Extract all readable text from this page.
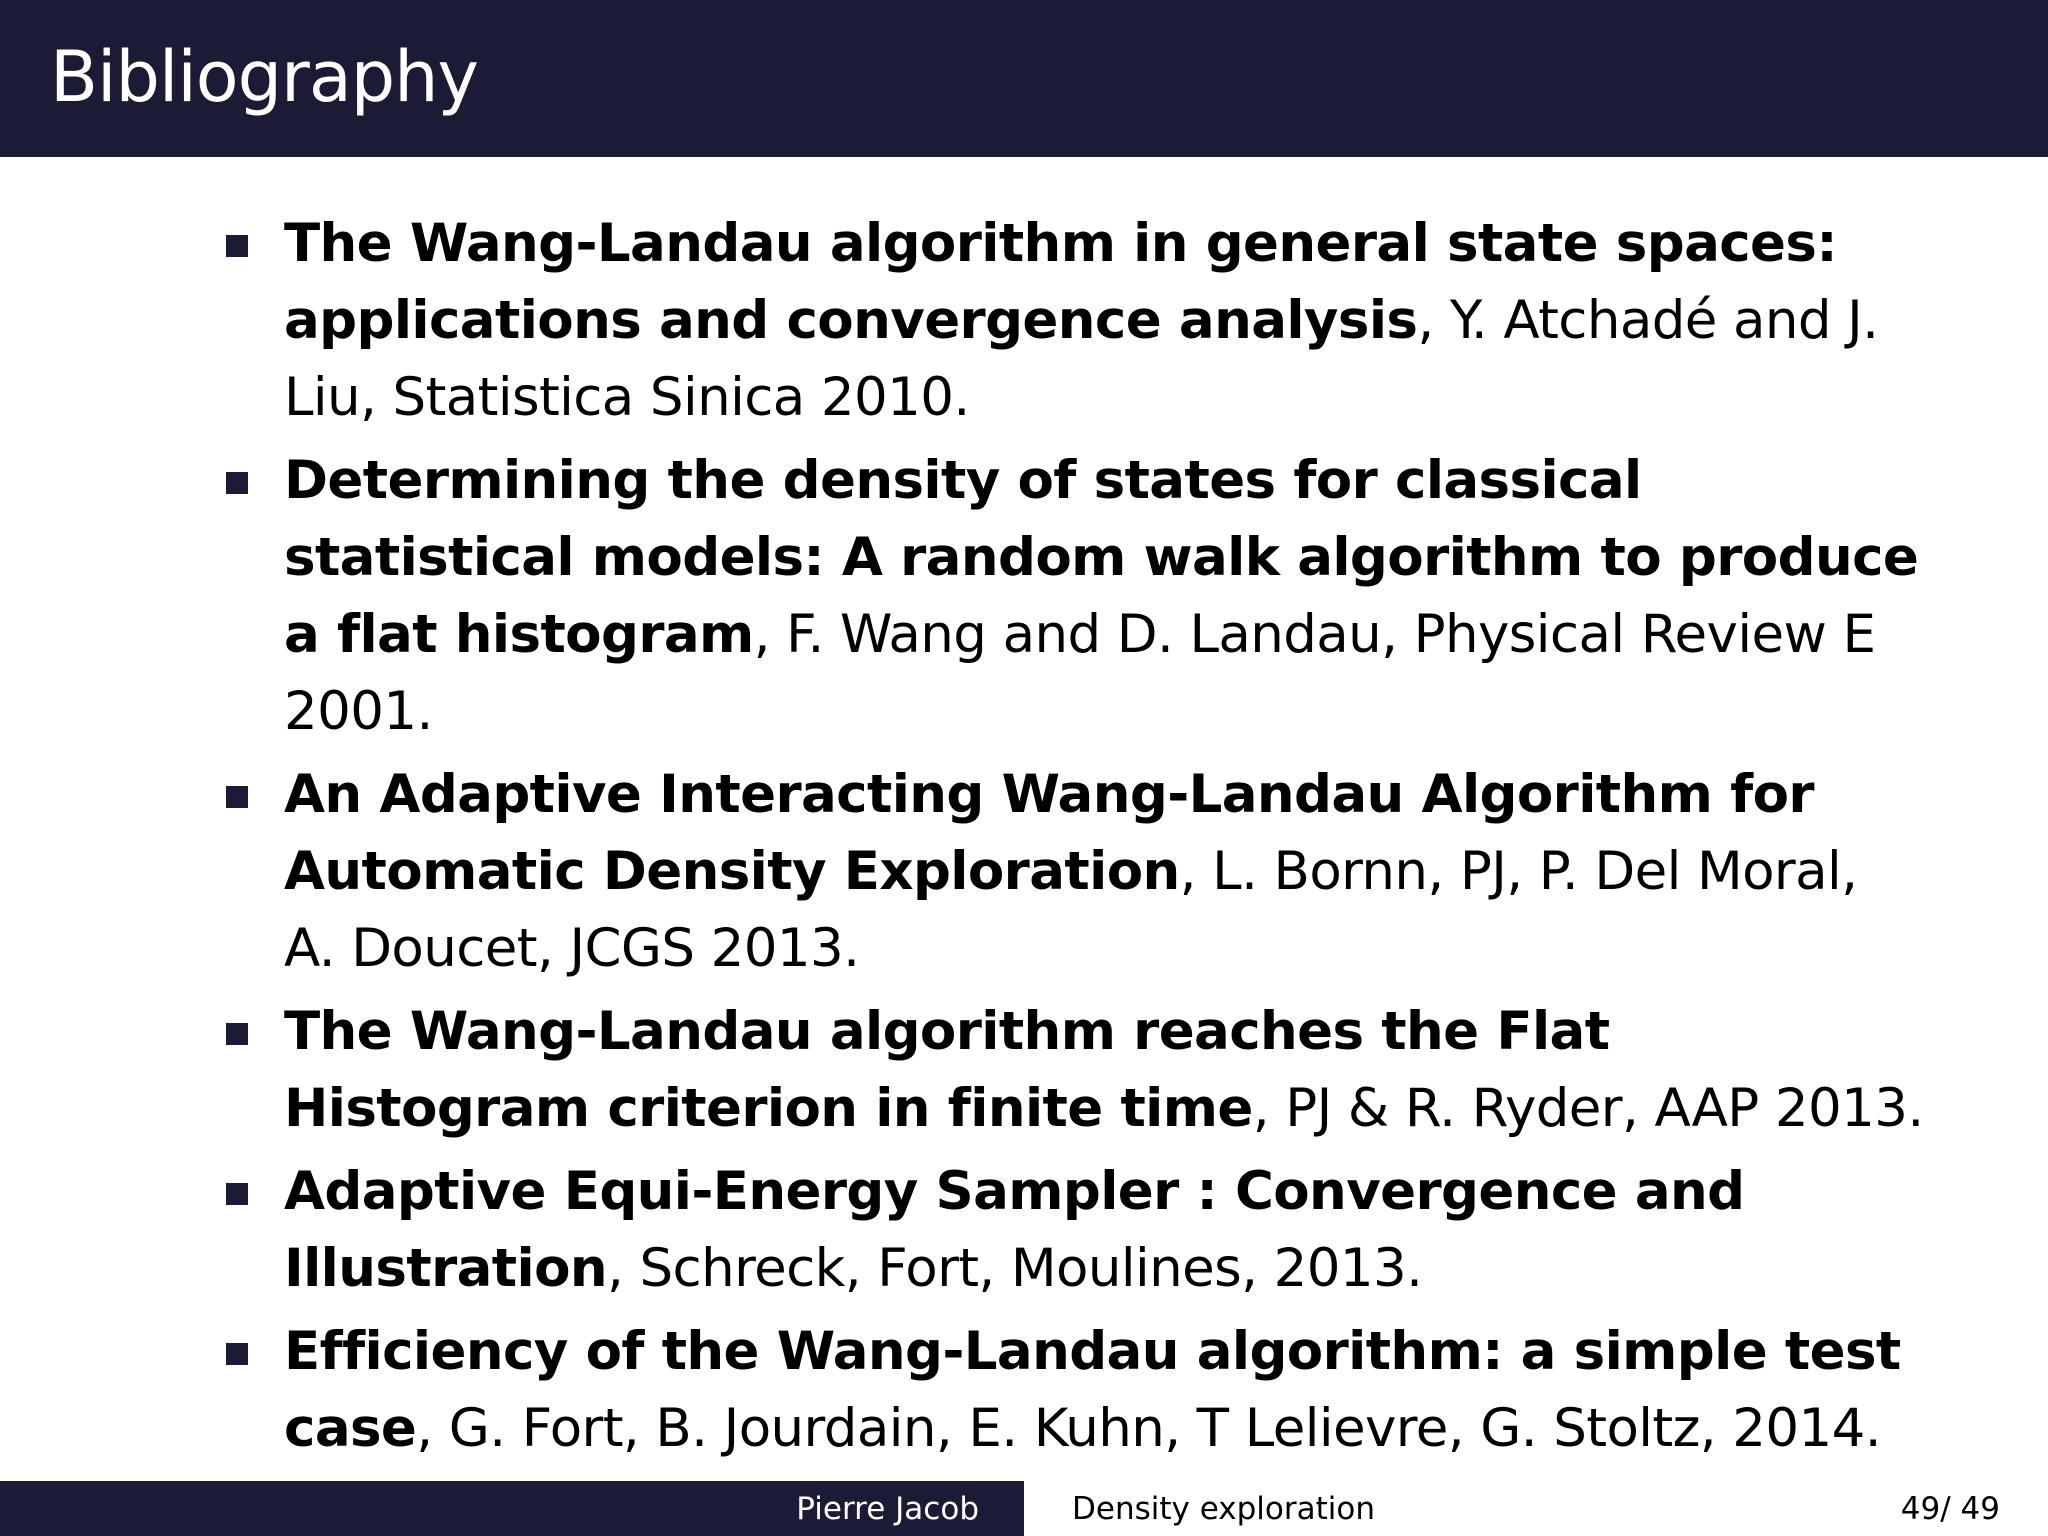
Bibliography
The Wang-Landau algorithm in general state spaces: applications and convergence analysis, Y. Atchadé and J. Liu, Statistica Sinica 2010.
Determining the density of states for classical statistical models: A random walk algorithm to produce a flat histogram, F. Wang and D. Landau, Physical Review E 2001.
An Adaptive Interacting Wang-Landau Algorithm for Automatic Density Exploration, L. Bornn, PJ, P. Del Moral, A. Doucet, JCGS 2013.
The Wang-Landau algorithm reaches the Flat Histogram criterion in finite time, PJ & R. Ryder, AAP 2013.
Adaptive Equi-Energy Sampler : Convergence and Illustration, Schreck, Fort, Moulines, 2013.
Efficiency of the Wang-Landau algorithm: a simple test case, G. Fort, B. Jourdain, E. Kuhn, T Lelievre, G. Stoltz, 2014.
Pierre Jacob	Density exploration	49/ 49
